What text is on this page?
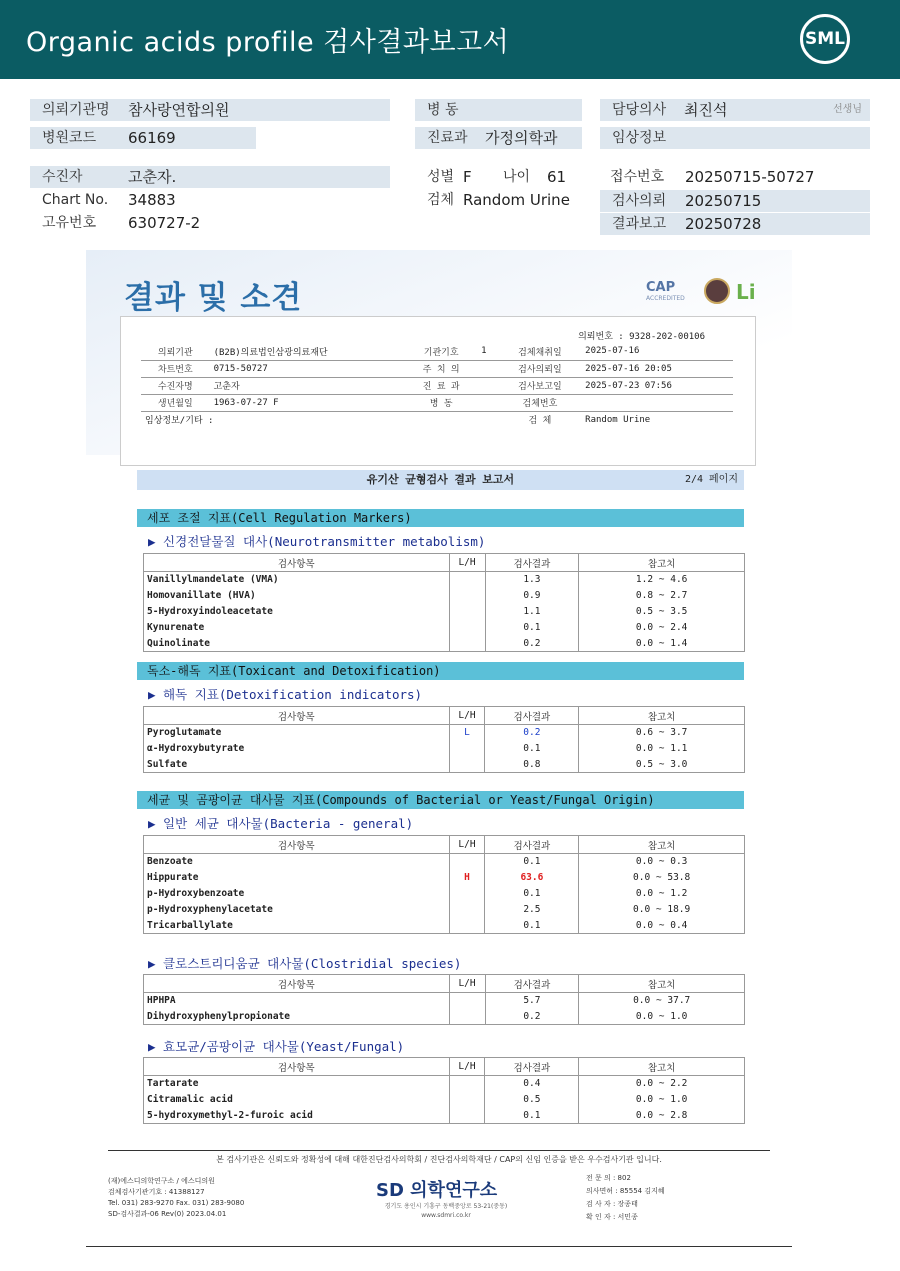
Organic acids profile 검사결과보고서	SML
의뢰기관명 참사랑연합의원
병원코드 66169
병 동
진료과 가정의학과
담당의사 최진석	선생님
임상정보
수진자	고춘자.
Chart No. 34883
고유번호 630727-2
성별 F 나이 61
검체 Random Urine
접수번호 20250715-50727
검사의뢰 20250715
결과보고 20250728
결과 및 소견	CAP
ACCREDITED	Li
의뢰번호 : 9328-202-00106
의뢰기관	(B2B)의료법인삼광의료재단	기관기호	1	검체채취일	2025-07-16
차트번호	0715-50727	주 치 의		검사의뢰일	2025-07-16 20:05
수진자명	고춘자	진 료 과		검사보고일	2025-07-23 07:56
생년월일	1963-07-27 F	병 동		검체번호	
임상정보/기타 :				검 체	Random Urine
유기산 균형검사 결과 보고서	2/4 페이지
세포 조절 지표(Cell Regulation Markers)
▶ 신경전달물질 대사(Neurotransmitter metabolism)
검사항목	L/H	검사결과	참고치
Vanillylmandelate (VMA)		1.3	1.2 ~ 4.6
Homovanillate (HVA)		0.9	0.8 ~ 2.7
5-Hydroxyindoleacetate		1.1	0.5 ~ 3.5
Kynurenate		0.1	0.0 ~ 2.4
Quinolinate		0.2	0.0 ~ 1.4
독소-해독 지표(Toxicant and Detoxification)
▶ 해독 지표(Detoxification indicators)
검사항목	L/H	검사결과	참고치
Pyroglutamate	L	0.2	0.6 ~ 3.7
α-Hydroxybutyrate		0.1	0.0 ~ 1.1
Sulfate		0.8	0.5 ~ 3.0
세균 및 곰팡이균 대사물 지표(Compounds of Bacterial or Yeast/Fungal Origin)
▶ 일반 세균 대사물(Bacteria - general)
검사항목	L/H	검사결과	참고치
Benzoate		0.1	0.0 ~ 0.3
Hippurate	H	63.6	0.0 ~ 53.8
p-Hydroxybenzoate		0.1	0.0 ~ 1.2
p-Hydroxyphenylacetate		2.5	0.0 ~ 18.9
Tricarballylate		0.1	0.0 ~ 0.4
▶ 클로스트리디움균 대사물(Clostridial species)
검사항목	L/H	검사결과	참고치
HPHPA		5.7	0.0 ~ 37.7
Dihydroxyphenylpropionate		0.2	0.0 ~ 1.0
▶ 효모균/곰팡이균 대사물(Yeast/Fungal)
검사항목	L/H	검사결과	참고치
Tartarate		0.4	0.0 ~ 2.2
Citramalic acid		0.5	0.0 ~ 1.0
5-hydroxymethyl-2-furoic acid		0.1	0.0 ~ 2.8
본 검사기관은 신뢰도와 정확성에 대해 대한진단검사의학회 / 진단검사의학재단 / CAP의 신임 인증을 받은 우수검사기관 입니다.
(재)에스디의학연구소 / 에스디의원
검체검사기관기호 : 41388127
Tel. 031) 283-9270 Fax. 031) 283-9080
SD-검사결과-06 Rev(0) 2023.04.01
SD 의학연구소
경기도 용인시 기흥구 동백중앙로 53-21(중동)
www.sdmri.co.kr
전 문 의 : 802
의사면허 : 85554 김지혜
검 사 자 : 장종태
확 인 자 : 서민종
